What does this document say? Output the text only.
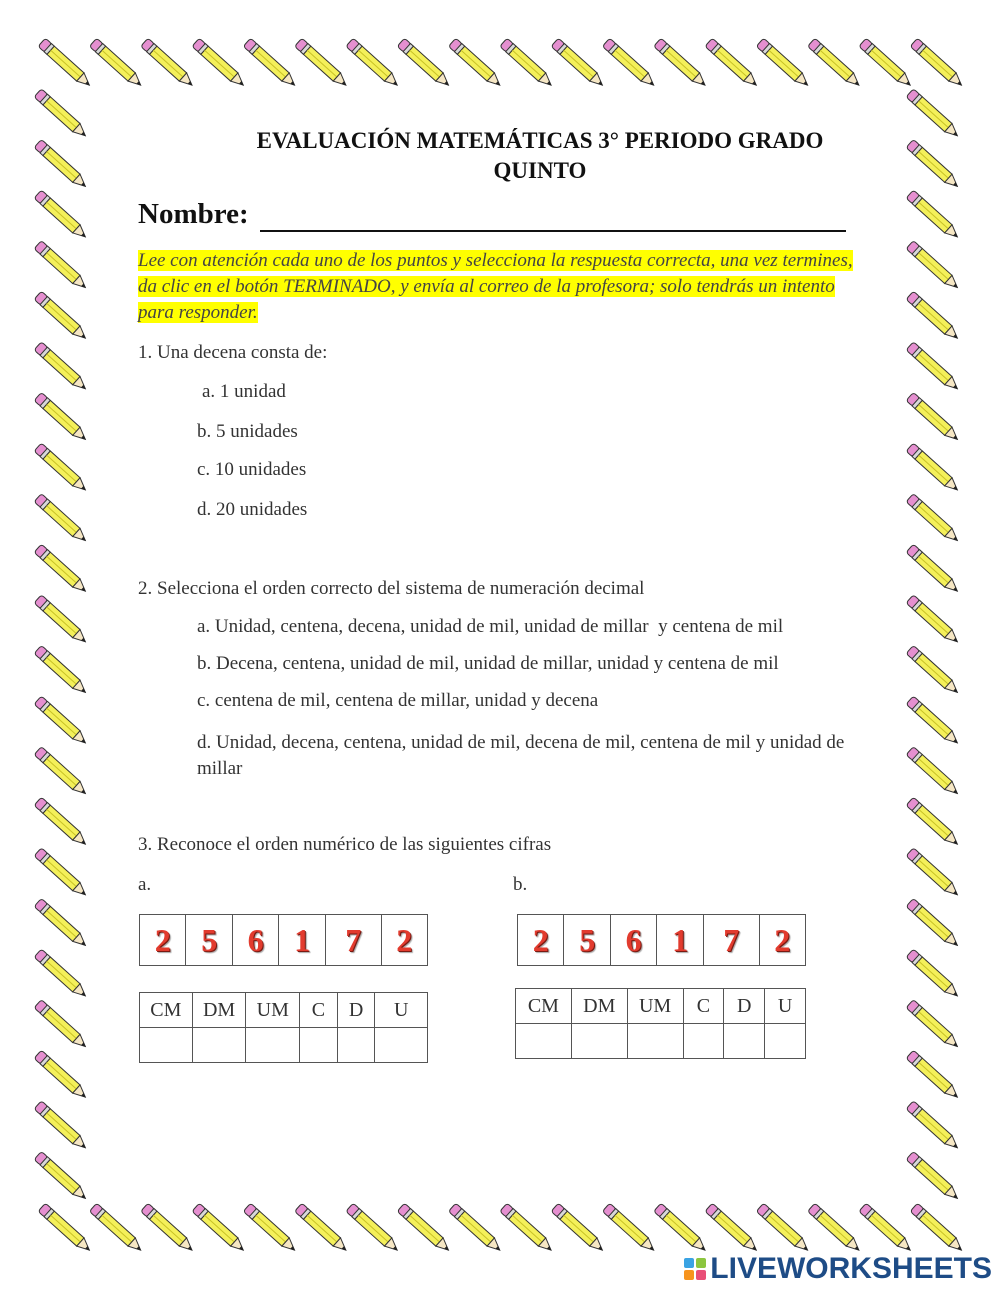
EVALUACIÓN MATEMÁTICAS 3° PERIODO GRADO
QUINTO
Nombre:
Lee con atención cada uno de los puntos y selecciona la respuesta correcta, una vez termines, da clic en el botón TERMINADO, y envía al correo de la profesora; solo tendrás un intento para responder.
1. Una decena consta de:
a. 1 unidad
b. 5 unidades
c. 10 unidades
d. 20 unidades
2. Selecciona el orden correcto del sistema de numeración decimal
a. Unidad, centena, decena, unidad de mil, unidad de millar  y centena de mil
b. Decena, centena, unidad de mil, unidad de millar, unidad y centena de mil
c. centena de mil, centena de millar, unidad y decena
d. Unidad, decena, centena, unidad de mil, decena de mil, centena de mil y unidad de millar
3. Reconoce el orden numérico de las siguientes cifras
a.	b.
2	5	6	1	7	2
CM	DM	UM	C	D	U

2	5	6	1	7	2
CM	DM	UM	C	D	U

LIVEWORKSHEETS
